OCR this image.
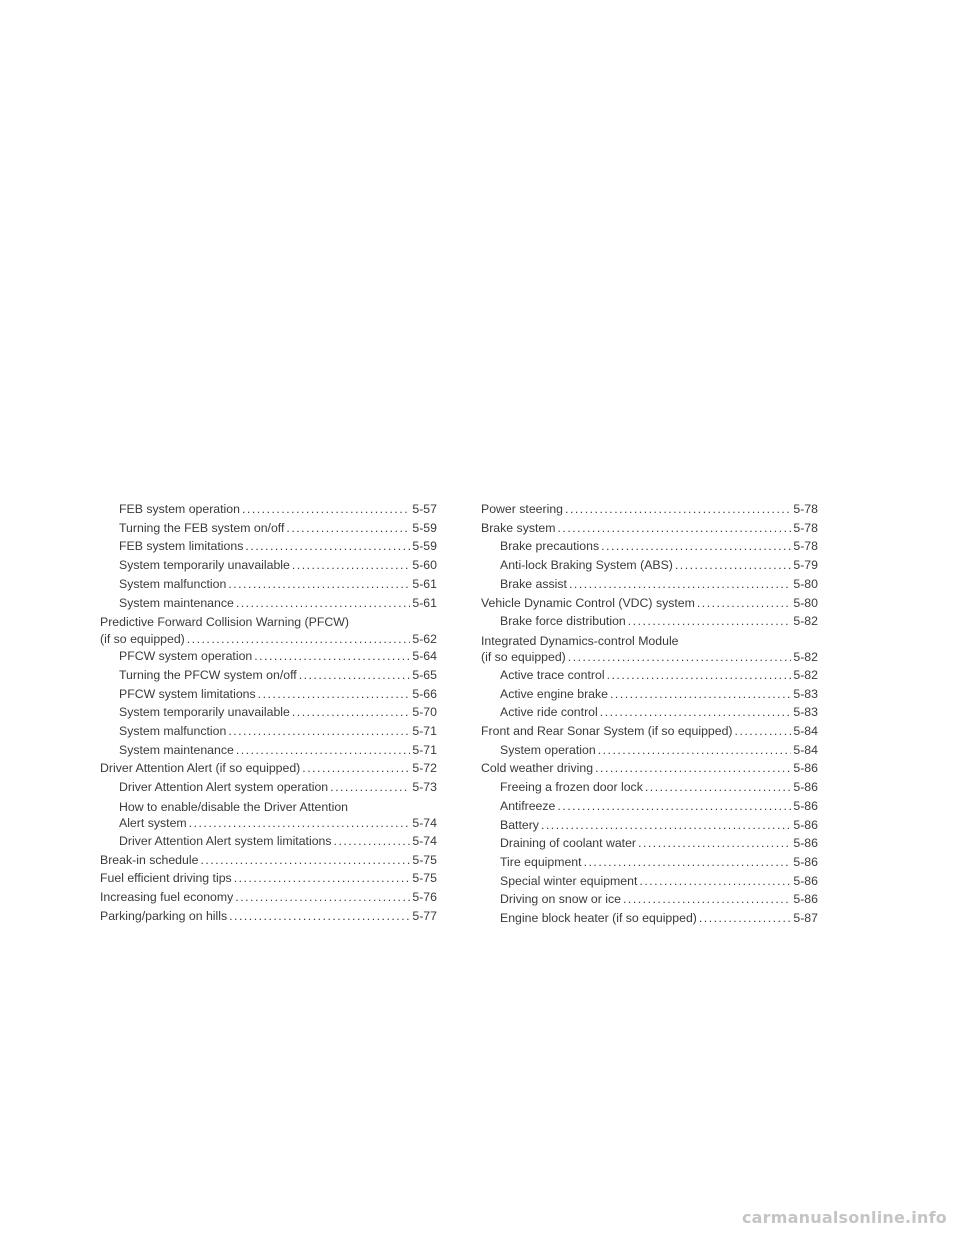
FEB system operation .....	5-57
Turning the FEB system on/off .....	5-59
FEB system limitations .....	5-59
System temporarily unavailable .....	5-60
System malfunction .....	5-61
System maintenance .....	5-61
Predictive Forward Collision Warning (PFCW)
(if so equipped) .....	5-62
PFCW system operation .....	5-64
Turning the PFCW system on/off .....	5-65
PFCW system limitations .....	5-66
System temporarily unavailable .....	5-70
System malfunction .....	5-71
System maintenance .....	5-71
Driver Attention Alert (if so equipped) .....	5-72
Driver Attention Alert system operation .....	5-73
How to enable/disable the Driver Attention
Alert system .....	5-74
Driver Attention Alert system limitations .....	5-74
Break-in schedule .....	5-75
Fuel efficient driving tips .....	5-75
Increasing fuel economy .....	5-76
Parking/parking on hills .....	5-77
Power steering .....	5-78
Brake system .....	5-78
Brake precautions .....	5-78
Anti-lock Braking System (ABS) .....	5-79
Brake assist .....	5-80
Vehicle Dynamic Control (VDC) system .....	5-80
Brake force distribution .....	5-82
Integrated Dynamics-control Module
(if so equipped) .....	5-82
Active trace control .....	5-82
Active engine brake .....	5-83
Active ride control .....	5-83
Front and Rear Sonar System (if so equipped) .....	5-84
System operation .....	5-84
Cold weather driving .....	5-86
Freeing a frozen door lock .....	5-86
Antifreeze .....	5-86
Battery .....	5-86
Draining of coolant water .....	5-86
Tire equipment .....	5-86
Special winter equipment .....	5-86
Driving on snow or ice .....	5-86
Engine block heater (if so equipped) .....	5-87
carmanualsonline.info
